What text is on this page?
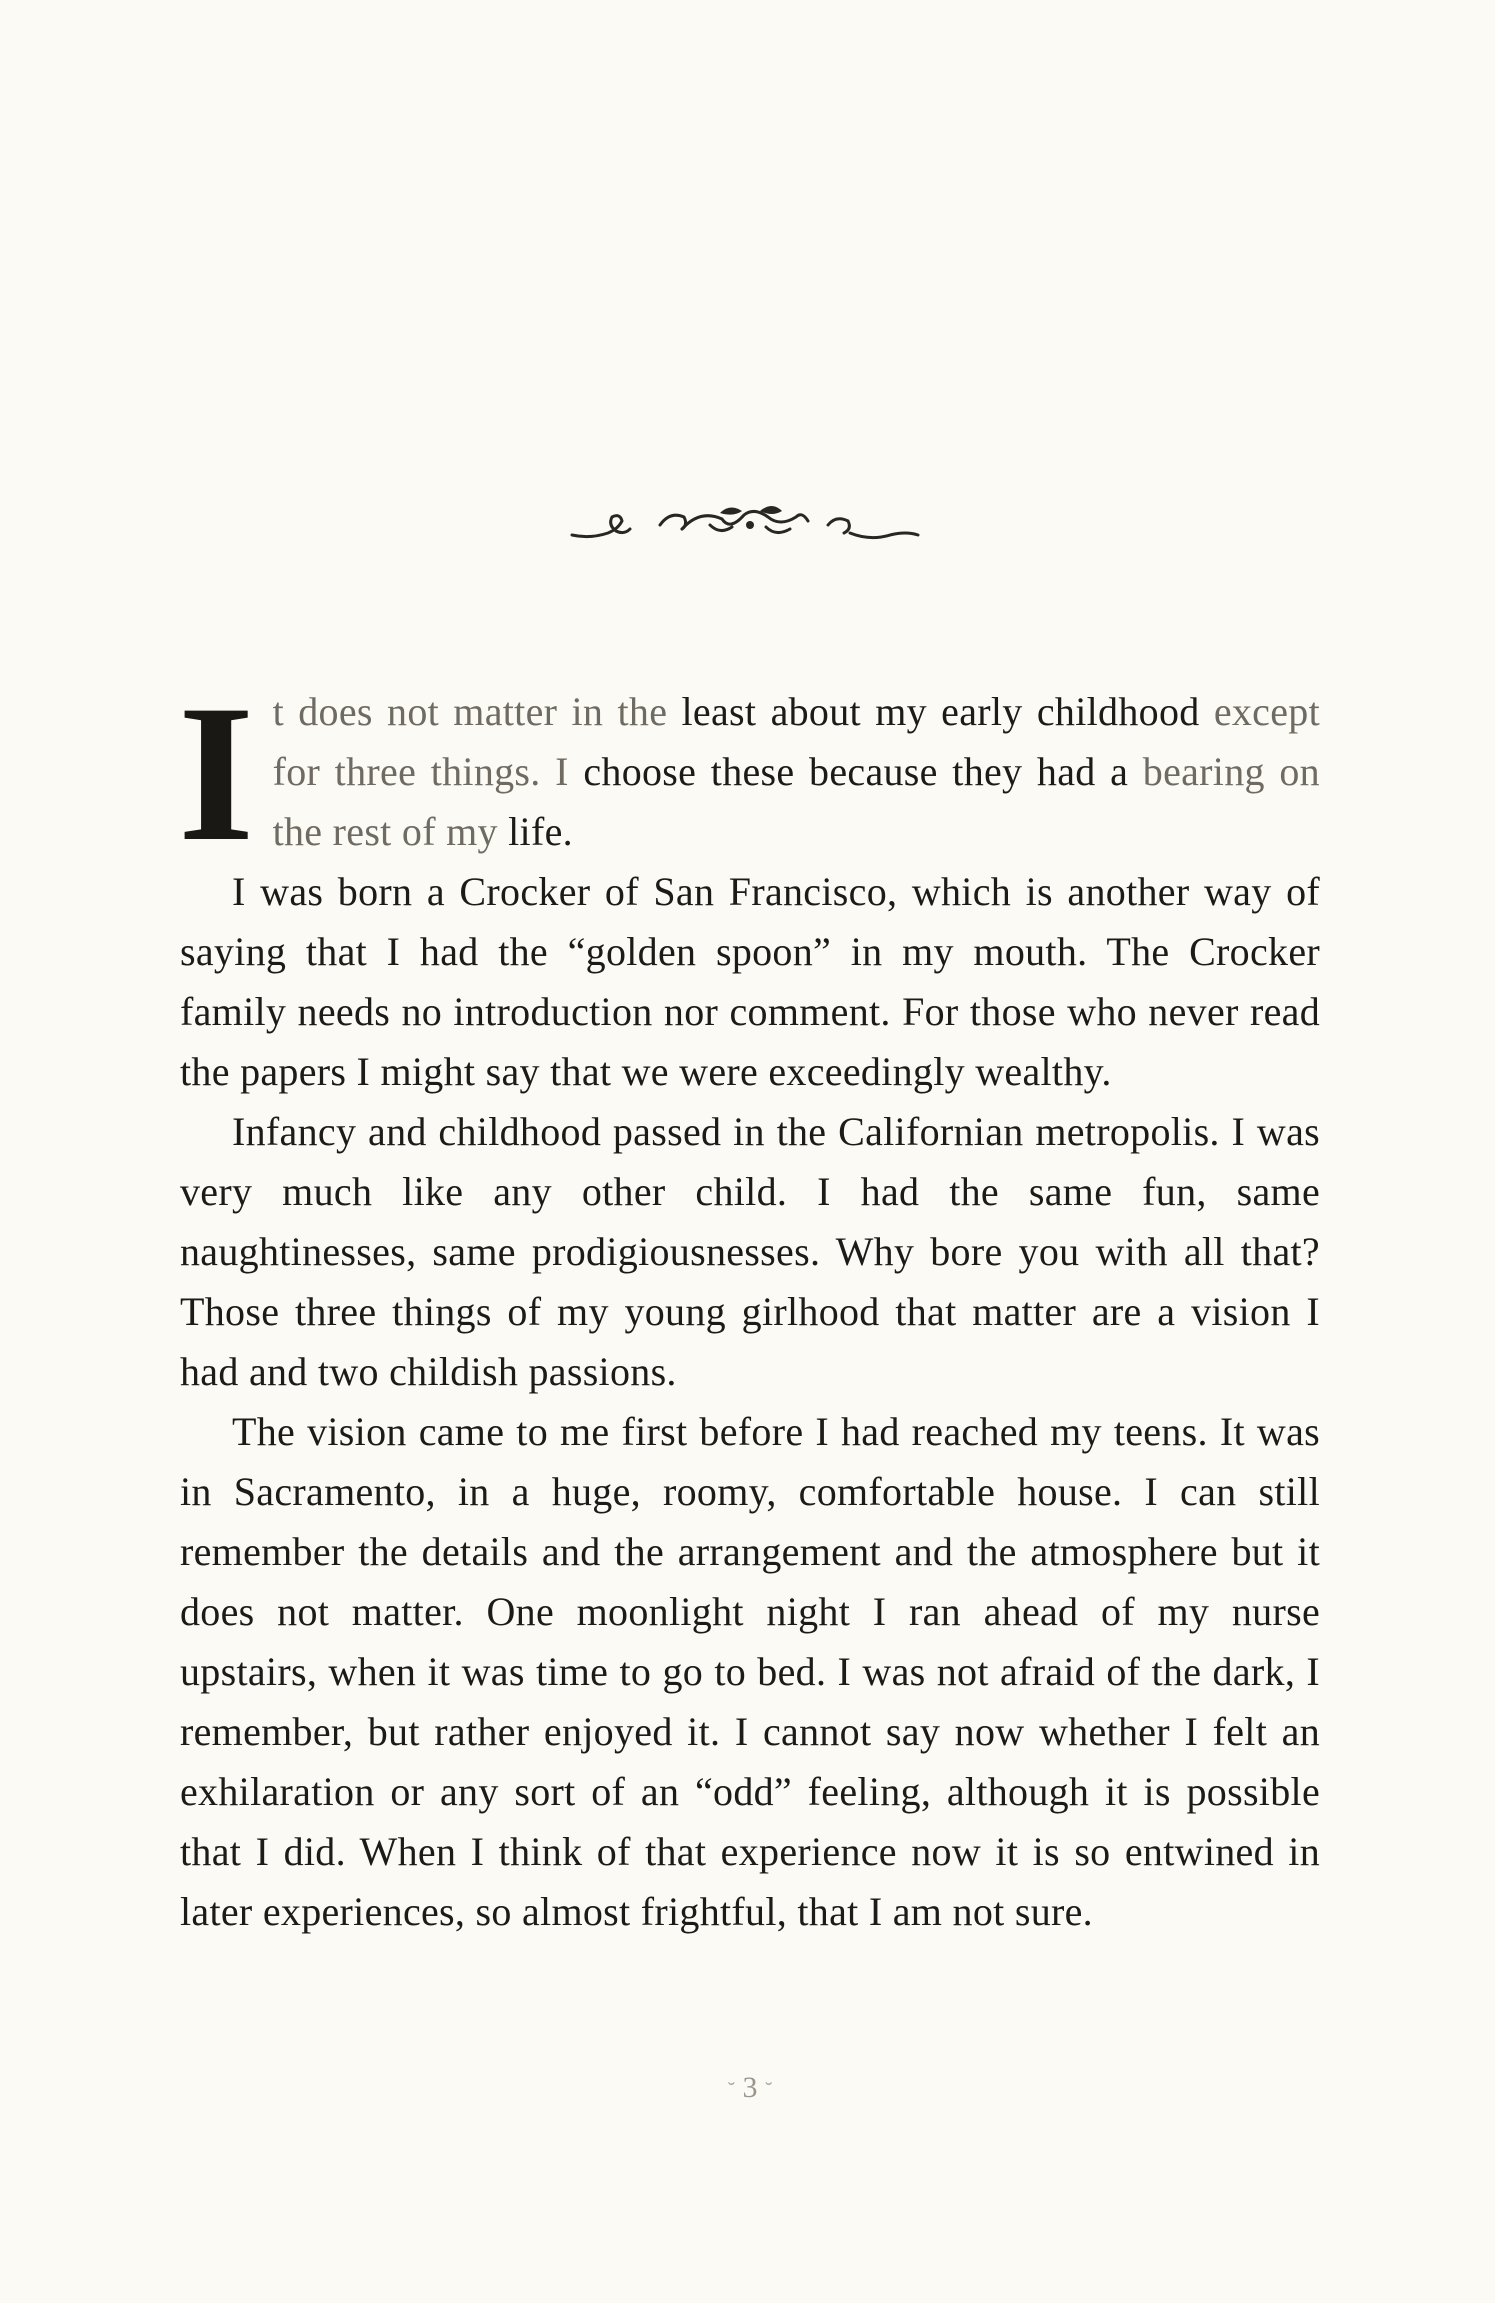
It does not matter in the least about my early childhood except for three things. I choose these because they had a bearing on the rest of my life.

I was born a Crocker of San Francisco, which is another way of saying that I had the “golden spoon” in my mouth. The Crocker family needs no introduction nor comment. For those who never read the papers I might say that we were exceedingly wealthy.

Infancy and childhood passed in the Californian metropolis. I was very much like any other child. I had the same fun, same naughtinesses, same prodigiousnesses. Why bore you with all that? Those three things of my young girlhood that matter are a vision I had and two childish passions.

The vision came to me first before I had reached my teens. It was in Sacramento, in a huge, roomy, comfortable house. I can still remember the details and the arrangement and the atmosphere but it does not matter. One moonlight night I ran ahead of my nurse upstairs, when it was time to go to bed. I was not afraid of the dark, I remember, but rather enjoyed it. I cannot say now whether I felt an exhilaration or any sort of an “odd” feeling, although it is possible that I did. When I think of that experience now it is so entwined in later experiences, so almost frightful, that I am not sure.

˘ 3 ˘
